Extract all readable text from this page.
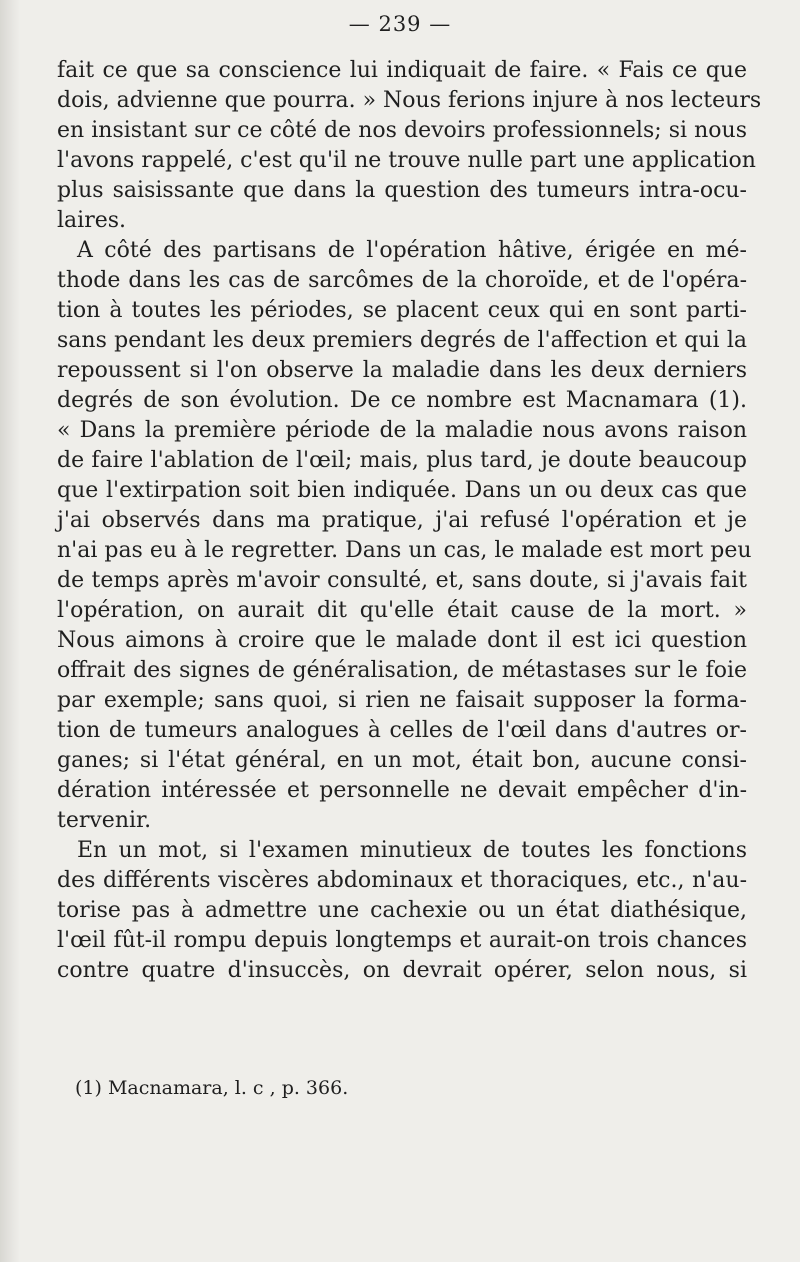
— 239 —
fait ce que sa conscience lui indiquait de faire. « Fais ce que
dois, advienne que pourra. » Nous ferions injure à nos lecteurs
en insistant sur ce côté de nos devoirs professionnels; si nous
l'avons rappelé, c'est qu'il ne trouve nulle part une application
plus saisissante que dans la question des tumeurs intra-ocu-
laires.
A côté des partisans de l'opération hâtive, érigée en mé-
thode dans les cas de sarcômes de la choroïde, et de l'opéra-
tion à toutes les périodes, se placent ceux qui en sont parti-
sans pendant les deux premiers degrés de l'affection et qui la
repoussent si l'on observe la maladie dans les deux derniers
degrés de son évolution. De ce nombre est Macnamara (1).
« Dans la première période de la maladie nous avons raison
de faire l'ablation de l'œil; mais, plus tard, je doute beaucoup
que l'extirpation soit bien indiquée. Dans un ou deux cas que
j'ai observés dans ma pratique, j'ai refusé l'opération et je
n'ai pas eu à le regretter. Dans un cas, le malade est mort peu
de temps après m'avoir consulté, et, sans doute, si j'avais fait
l'opération, on aurait dit qu'elle était cause de la mort. »
Nous aimons à croire que le malade dont il est ici question
offrait des signes de généralisation, de métastases sur le foie
par exemple; sans quoi, si rien ne faisait supposer la forma-
tion de tumeurs analogues à celles de l'œil dans d'autres or-
ganes; si l'état général, en un mot, était bon, aucune consi-
dération intéressée et personnelle ne devait empêcher d'in-
tervenir.
En un mot, si l'examen minutieux de toutes les fonctions
des différents viscères abdominaux et thoraciques, etc., n'au-
torise pas à admettre une cachexie ou un état diathésique,
l'œil fût-il rompu depuis longtemps et aurait-on trois chances
contre quatre d'insuccès, on devrait opérer, selon nous, si
(1) Macnamara, l. c , p. 366.
